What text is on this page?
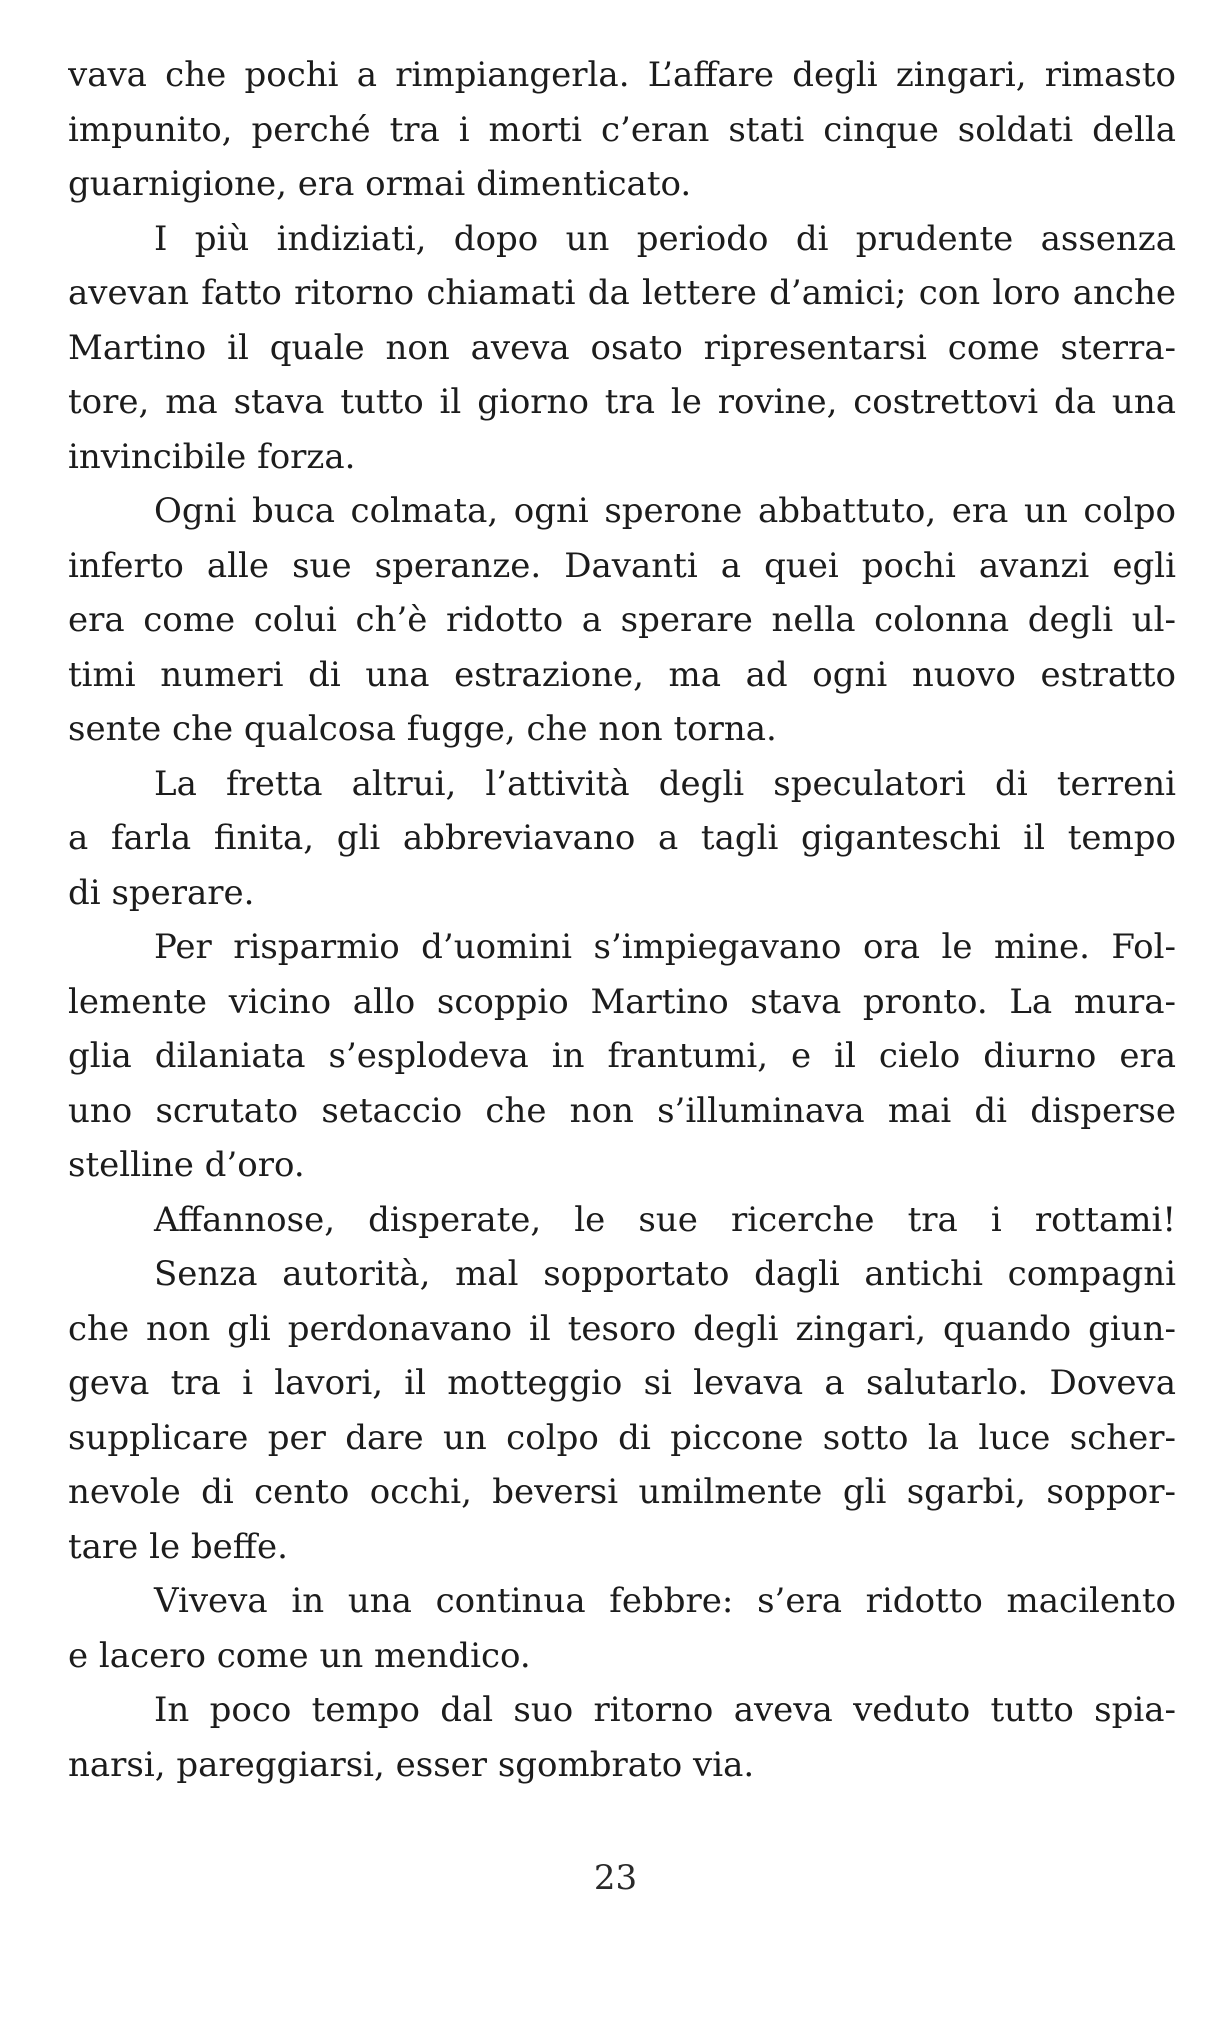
vava che pochi a rimpiangerla. L’affare degli zingari, rimasto
impunito, perché tra i morti c’eran stati cinque soldati della
guarnigione, era ormai dimenticato.
I più indiziati, dopo un periodo di prudente assenza
avevan fatto ritorno chiamati da lettere d’amici; con loro anche
Martino il quale non aveva osato ripresentarsi come sterra-
tore, ma stava tutto il giorno tra le rovine, costrettovi da una
invincibile forza.
Ogni buca colmata, ogni sperone abbattuto, era un colpo
inferto alle sue speranze. Davanti a quei pochi avanzi egli
era come colui ch’è ridotto a sperare nella colonna degli ul-
timi numeri di una estrazione, ma ad ogni nuovo estratto
sente che qualcosa fugge, che non torna.
La fretta altrui, l’attività degli speculatori di terreni
a farla finita, gli abbreviavano a tagli giganteschi il tempo
di sperare.
Per risparmio d’uomini s’impiegavano ora le mine. Fol-
lemente vicino allo scoppio Martino stava pronto. La mura-
glia dilaniata s’esplodeva in frantumi, e il cielo diurno era
uno scrutato setaccio che non s’illuminava mai di disperse
stelline d’oro.
Affannose, disperate, le sue ricerche tra i rottami!
Senza autorità, mal sopportato dagli antichi compagni
che non gli perdonavano il tesoro degli zingari, quando giun-
geva tra i lavori, il motteggio si levava a salutarlo. Doveva
supplicare per dare un colpo di piccone sotto la luce scher-
nevole di cento occhi, beversi umilmente gli sgarbi, soppor-
tare le beffe.
Viveva in una continua febbre: s’era ridotto macilento
e lacero come un mendico.
In poco tempo dal suo ritorno aveva veduto tutto spia-
narsi, pareggiarsi, esser sgombrato via.
23
